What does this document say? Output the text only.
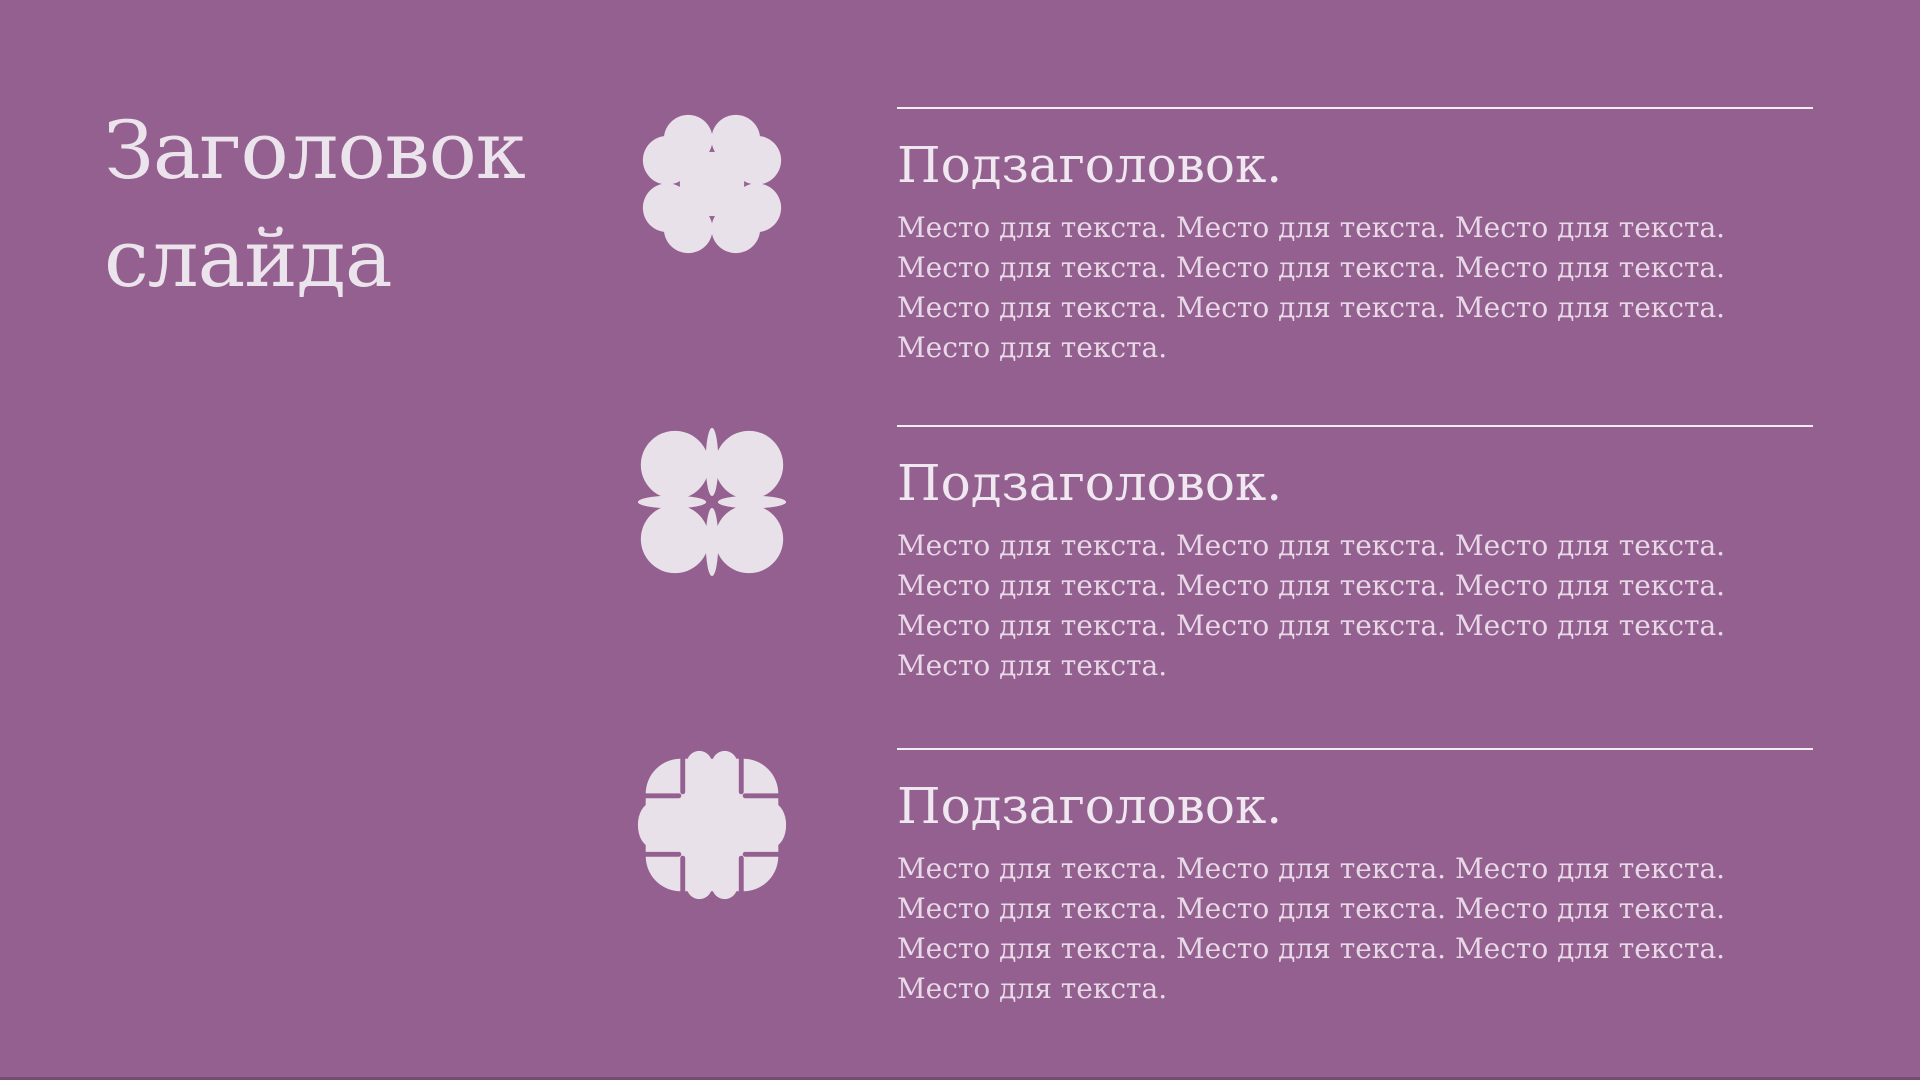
Заголовок
слайда
Подзаголовок.
Место для текста. Место для текста. Место для текста.
Место для текста. Место для текста. Место для текста.
Место для текста. Место для текста. Место для текста.
Место для текста.
Подзаголовок.
Место для текста. Место для текста. Место для текста.
Место для текста. Место для текста. Место для текста.
Место для текста. Место для текста. Место для текста.
Место для текста.
Подзаголовок.
Место для текста. Место для текста. Место для текста.
Место для текста. Место для текста. Место для текста.
Место для текста. Место для текста. Место для текста.
Место для текста.
